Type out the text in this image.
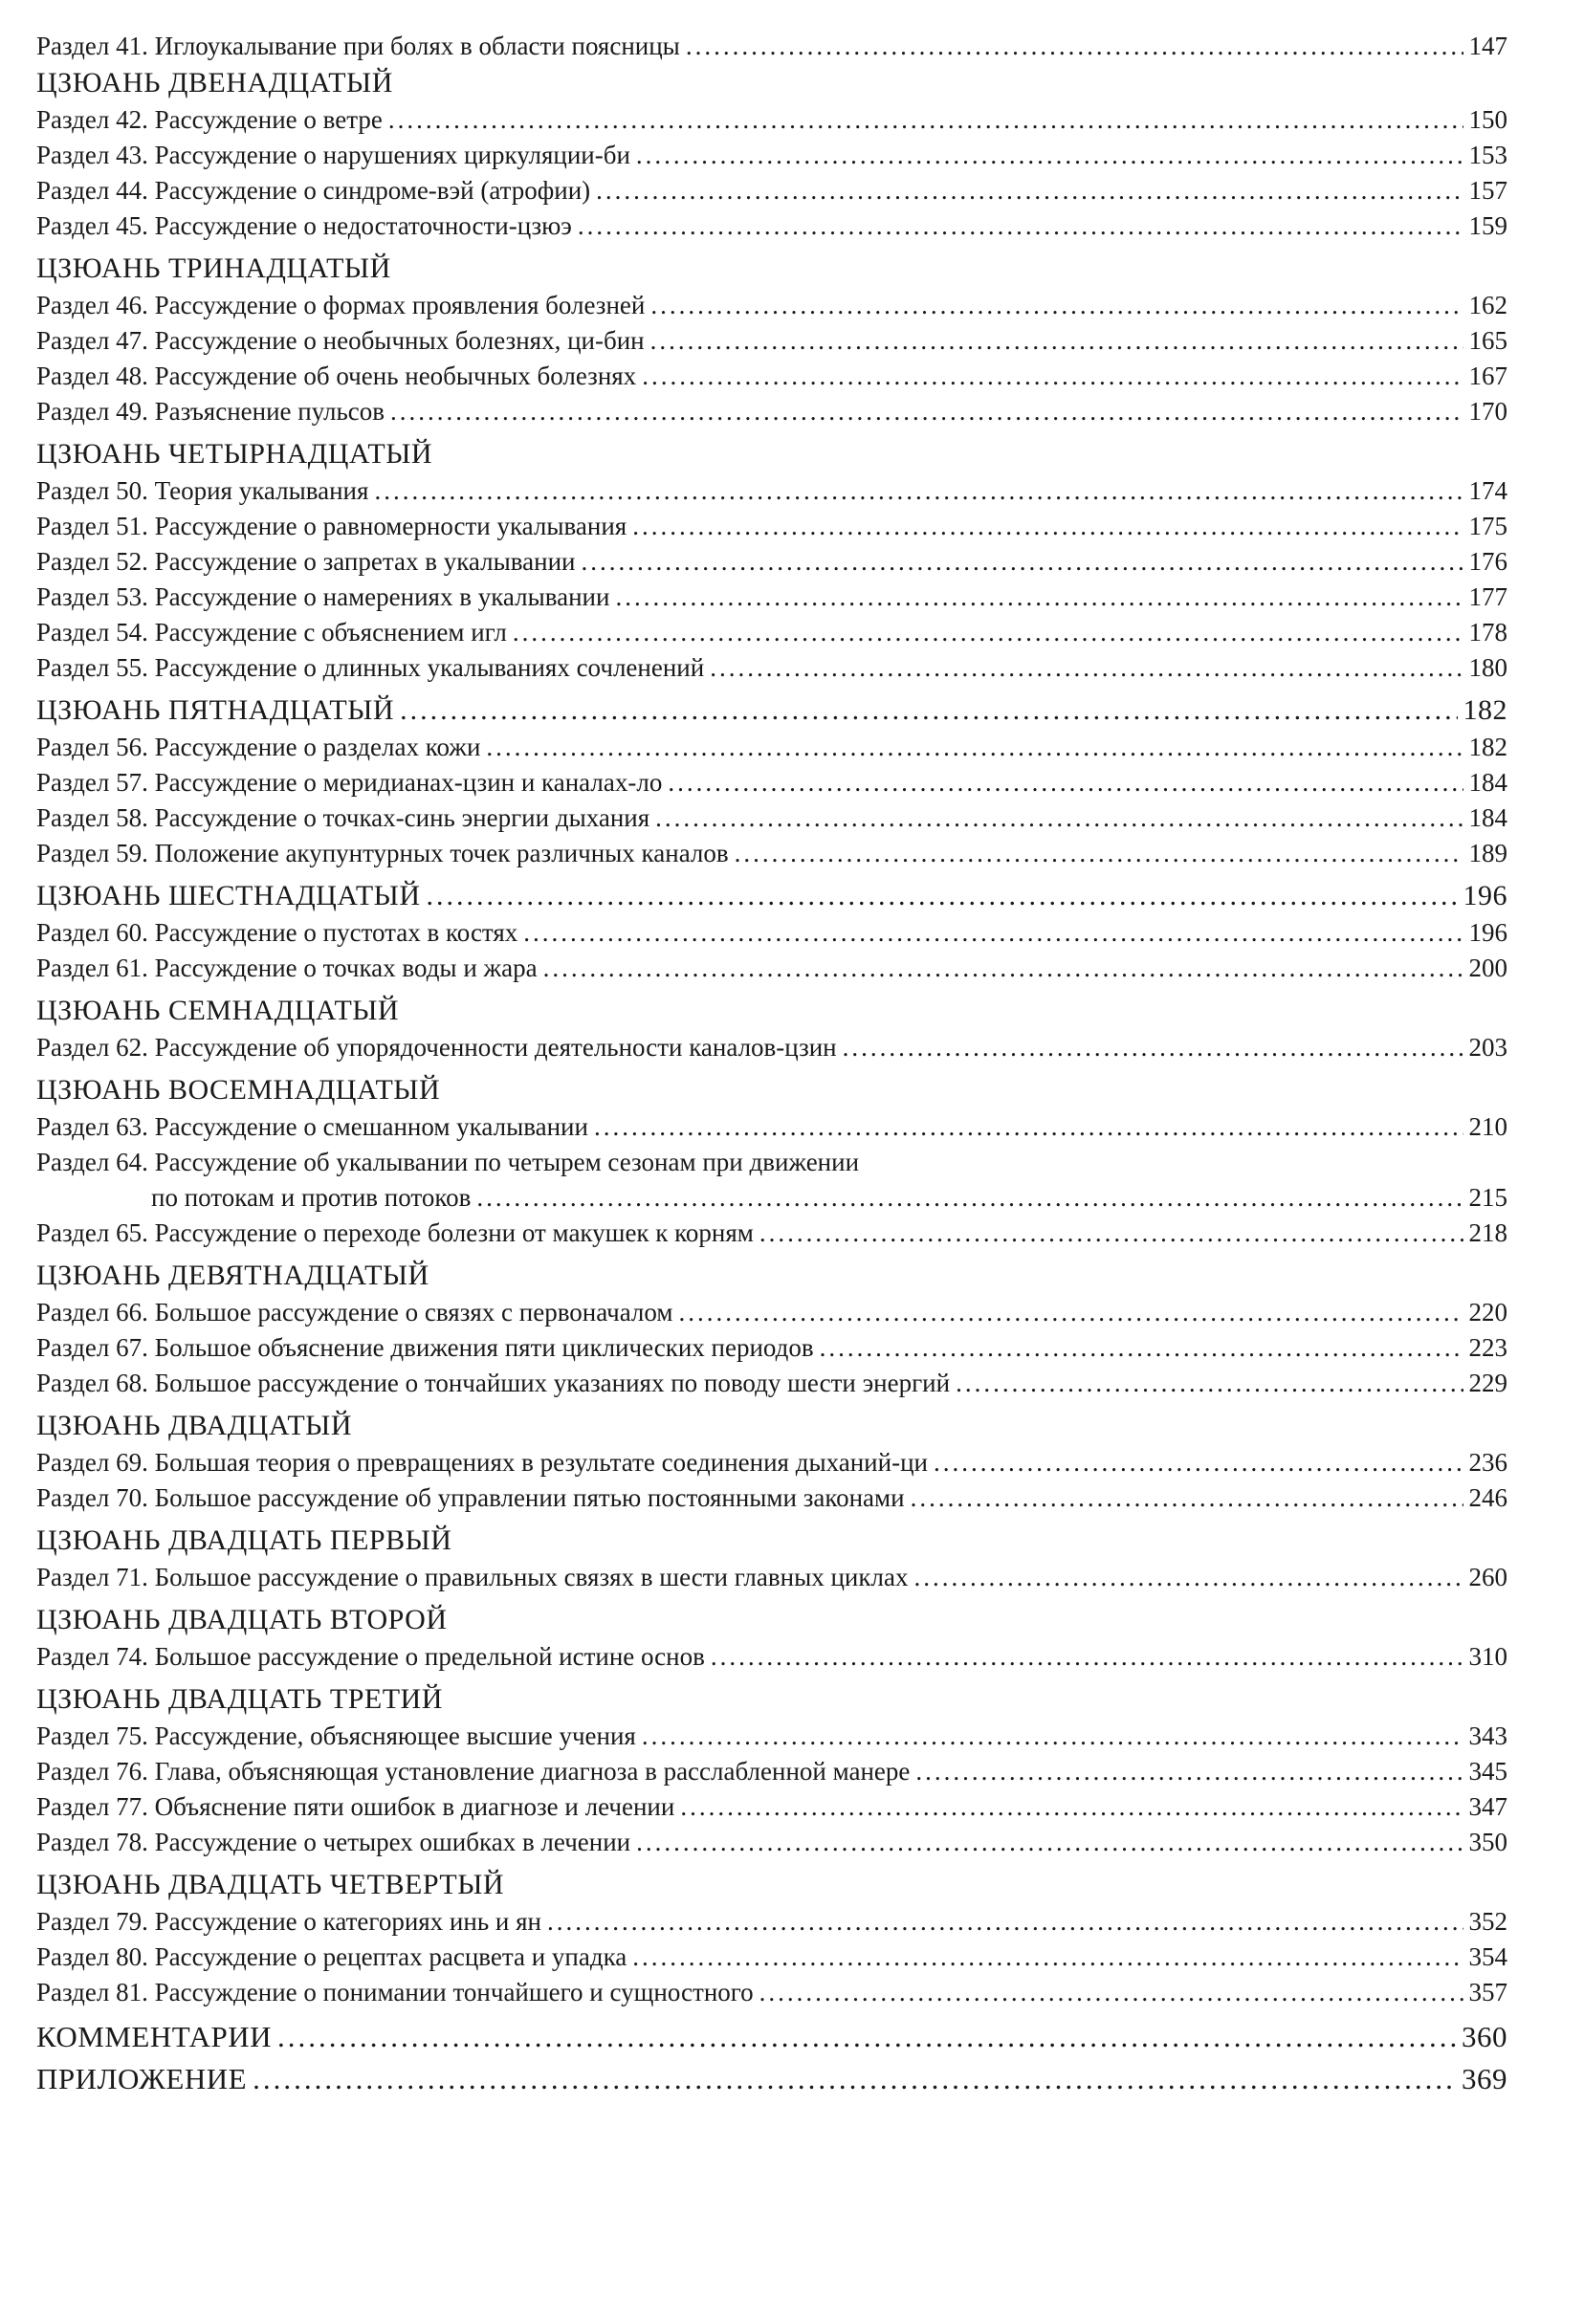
Раздел 41. Иглоукалывание при болях в области поясницы .....	147
ЦЗЮАНЬ ДВЕНАДЦАТЫЙ
Раздел 42. Рассуждение о ветре .....	150
Раздел 43. Рассуждение о нарушениях циркуляции-би .....	153
Раздел 44. Рассуждение о синдроме-вэй (атрофии) .....	157
Раздел 45. Рассуждение о недостаточности-цзюэ .....	159
ЦЗЮАНЬ ТРИНАДЦАТЫЙ
Раздел 46. Рассуждение о формах проявления болезней .....	162
Раздел 47. Рассуждение о необычных болезнях, ци-бин .....	165
Раздел 48. Рассуждение об очень необычных болезнях .....	167
Раздел 49. Разъяснение пульсов .....	170
ЦЗЮАНЬ ЧЕТЫРНАДЦАТЫЙ
Раздел 50. Теория укалывания .....	174
Раздел 51. Рассуждение о равномерности укалывания .....	175
Раздел 52. Рассуждение о запретах в укалывании .....	176
Раздел 53. Рассуждение о намерениях в укалывании .....	177
Раздел 54. Рассуждение с объяснением игл .....	178
Раздел 55. Рассуждение о длинных укалываниях сочленений .....	180
ЦЗЮАНЬ ПЯТНАДЦАТЫЙ .....	182
Раздел 56. Рассуждение о разделах кожи .....	182
Раздел 57. Рассуждение о меридианах-цзин и каналах-ло .....	184
Раздел 58. Рассуждение о точках-синь энергии дыхания .....	184
Раздел 59. Положение акупунтурных точек различных каналов .....	189
ЦЗЮАНЬ ШЕСТНАДЦАТЫЙ .....	196
Раздел 60. Рассуждение о пустотах в костях .....	196
Раздел 61. Рассуждение о точках воды и жара .....	200
ЦЗЮАНЬ СЕМНАДЦАТЫЙ
Раздел 62. Рассуждение об упорядоченности деятельности каналов-цзин .....	203
ЦЗЮАНЬ ВОСЕМНАДЦАТЫЙ
Раздел 63. Рассуждение о смешанном укалывании .....	210
Раздел 64. Рассуждение об укалывании по четырем сезонам при движении
по потокам и против потоков .....	215
Раздел 65. Рассуждение о переходе болезни от макушек к корням .....	218
ЦЗЮАНЬ ДЕВЯТНАДЦАТЫЙ
Раздел 66. Большое рассуждение о связях с первоначалом .....	220
Раздел 67. Большое объяснение движения пяти циклических периодов .....	223
Раздел 68. Большое рассуждение о тончайших указаниях по поводу шести энергий .....	229
ЦЗЮАНЬ ДВАДЦАТЫЙ
Раздел 69. Большая теория о превращениях в результате соединения дыханий-ци .....	236
Раздел 70. Большое рассуждение об управлении пятью постоянными законами .....	246
ЦЗЮАНЬ ДВАДЦАТЬ ПЕРВЫЙ
Раздел 71. Большое рассуждение о правильных связях в шести главных циклах .....	260
ЦЗЮАНЬ ДВАДЦАТЬ ВТОРОЙ
Раздел 74. Большое рассуждение о предельной истине основ .....	310
ЦЗЮАНЬ ДВАДЦАТЬ ТРЕТИЙ
Раздел 75. Рассуждение, объясняющее высшие учения .....	343
Раздел 76. Глава, объясняющая установление диагноза в расслабленной манере .....	345
Раздел 77. Объяснение пяти ошибок в диагнозе и лечении .....	347
Раздел 78. Рассуждение о четырех ошибках в лечении .....	350
ЦЗЮАНЬ ДВАДЦАТЬ ЧЕТВЕРТЫЙ
Раздел 79. Рассуждение о категориях инь и ян .....	352
Раздел 80. Рассуждение о рецептах расцвета и упадка .....	354
Раздел 81. Рассуждение о понимании тончайшего и сущностного .....	357
КОММЕНТАРИИ .....	360
ПРИЛОЖЕНИЕ .....	369
